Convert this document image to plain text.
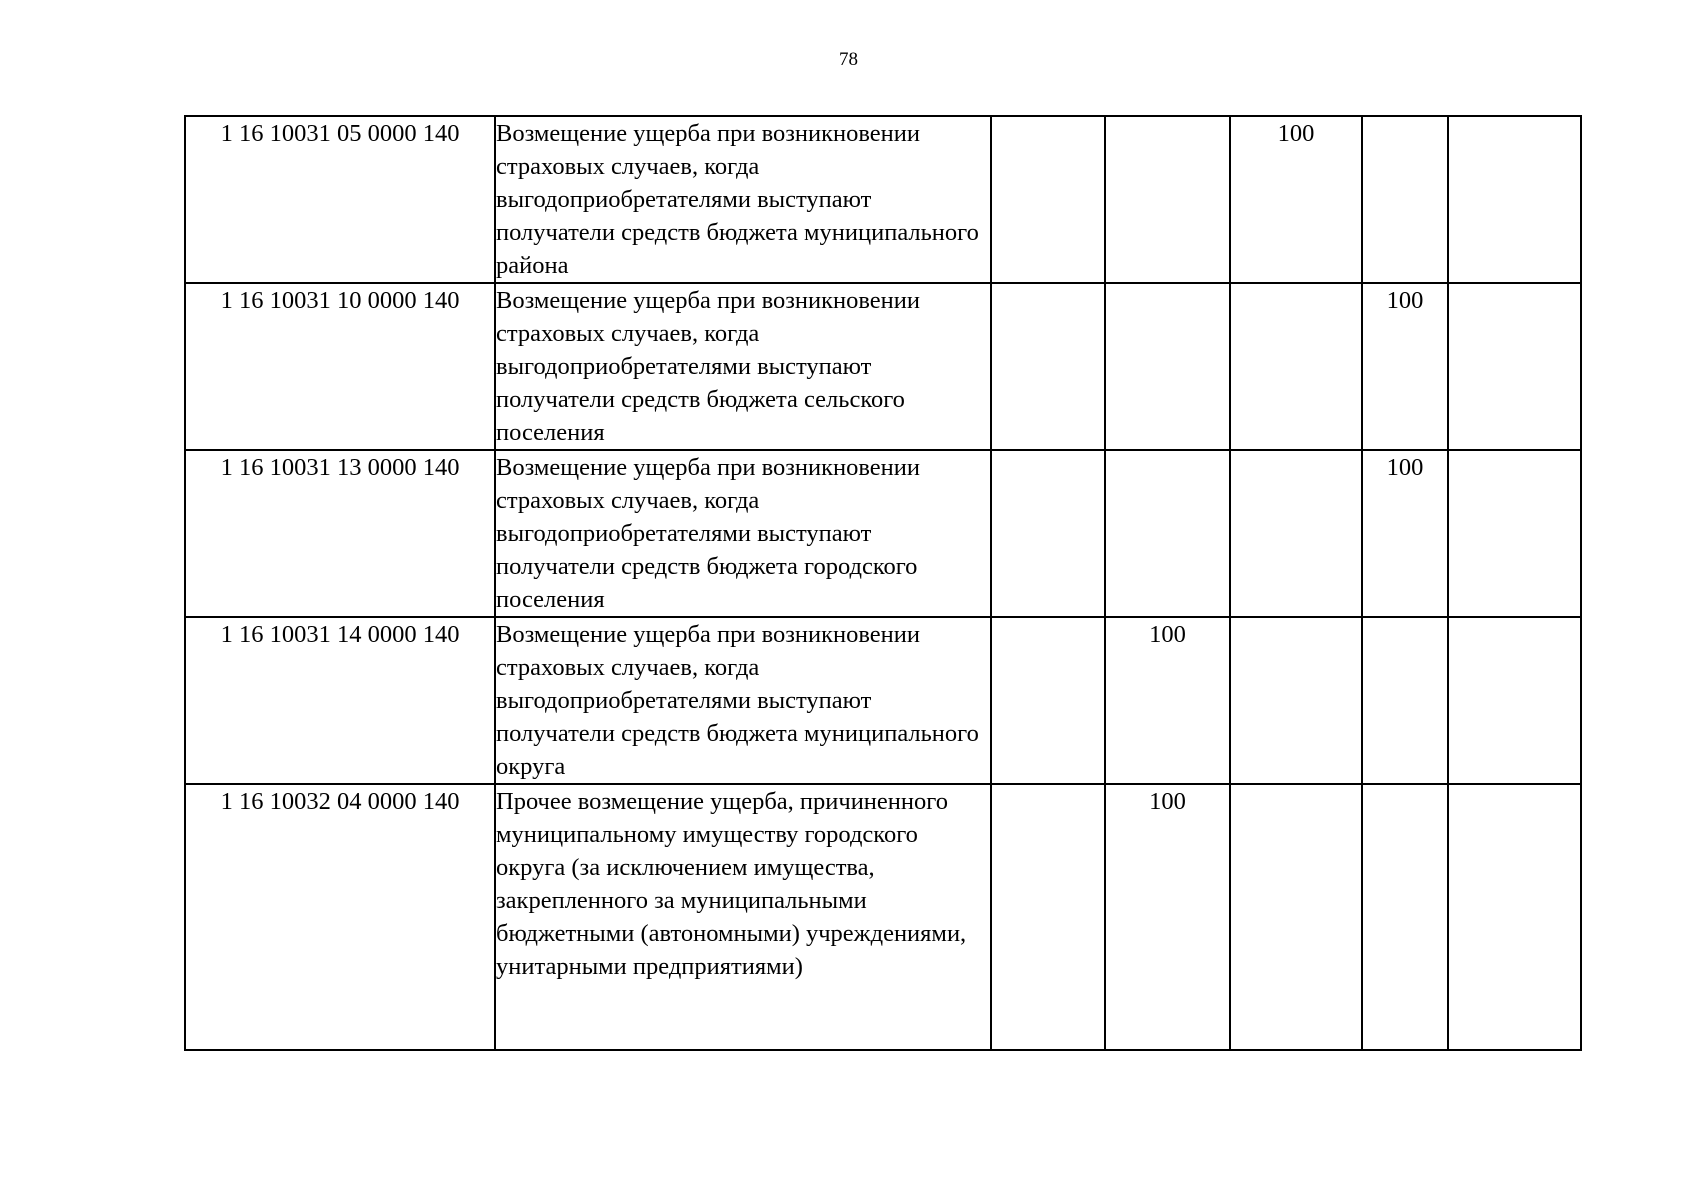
78
1 16 10031 05 0000 140	Возмещение ущерба при возникновении страховых случаев, когда выгодоприобретателями выступают получатели средств бюджета муниципального района			100		
1 16 10031 10 0000 140	Возмещение ущерба при возникновении страховых случаев, когда выгодоприобретателями выступают получатели средств бюджета сельского поселения				100	
1 16 10031 13 0000 140	Возмещение ущерба при возникновении страховых случаев, когда выгодоприобретателями выступают получатели средств бюджета городского поселения				100	
1 16 10031 14 0000 140	Возмещение ущерба при возникновении страховых случаев, когда выгодоприобретателями выступают получатели средств бюджета муниципального округа		100			
1 16 10032 04 0000 140	Прочее возмещение ущерба, причиненного муниципальному имуществу городского округа (за исключением имущества, закрепленного за муниципальными бюджетными (автономными) учреждениями, унитарными предприятиями)		100			
